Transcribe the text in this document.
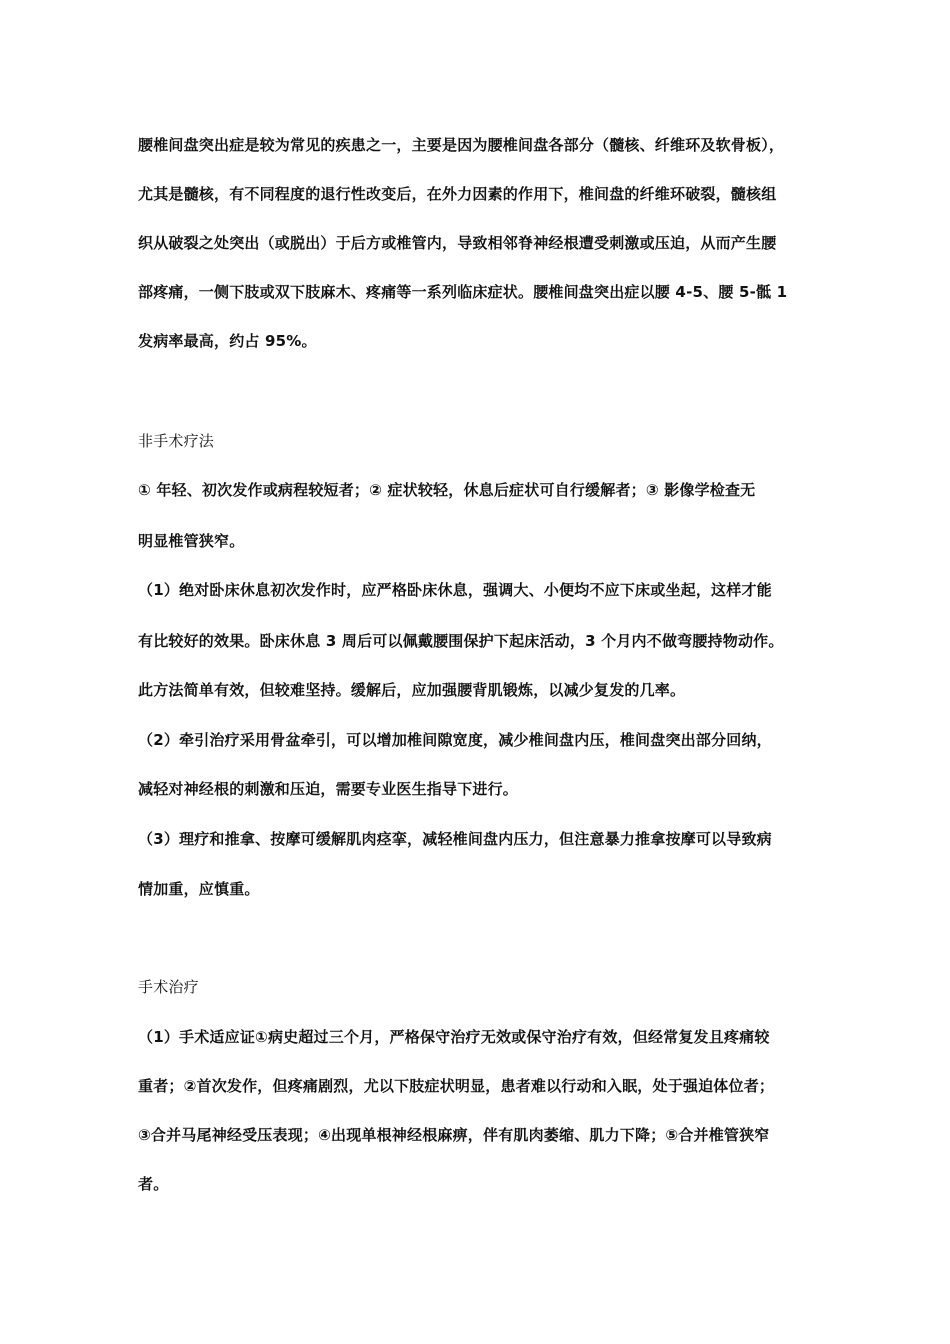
腰椎间盘突出症是较为常见的疾患之一，主要是因为腰椎间盘各部分（髓核、纤维环及软骨板），
尤其是髓核，有不同程度的退行性改变后，在外力因素的作用下，椎间盘的纤维环破裂，髓核组
织从破裂之处突出（或脱出）于后方或椎管内，导致相邻脊神经根遭受刺激或压迫，从而产生腰
部疼痛，一侧下肢或双下肢麻木、疼痛等一系列临床症状。腰椎间盘突出症以腰 4-5、腰 5-骶 1
发病率最高，约占 95%。
非手术疗法
① 年轻、初次发作或病程较短者；② 症状较轻，休息后症状可自行缓解者；③ 影像学检查无
明显椎管狭窄。
（1）绝对卧床休息初次发作时，应严格卧床休息，强调大、小便均不应下床或坐起，这样才能
有比较好的效果。卧床休息 3 周后可以佩戴腰围保护下起床活动，3 个月内不做弯腰持物动作。
此方法简单有效，但较难坚持。缓解后，应加强腰背肌锻炼，以减少复发的几率。
（2）牵引治疗采用骨盆牵引，可以增加椎间隙宽度，减少椎间盘内压，椎间盘突出部分回纳，
减轻对神经根的刺激和压迫，需要专业医生指导下进行。
（3）理疗和推拿、按摩可缓解肌肉痉挛，减轻椎间盘内压力，但注意暴力推拿按摩可以导致病
情加重，应慎重。
手术治疗
（1）手术适应证①病史超过三个月，严格保守治疗无效或保守治疗有效，但经常复发且疼痛较
重者；②首次发作，但疼痛剧烈，尤以下肢症状明显，患者难以行动和入眠，处于强迫体位者；
③合并马尾神经受压表现；④出现单根神经根麻痹，伴有肌肉萎缩、肌力下降；⑤合并椎管狭窄
者。
